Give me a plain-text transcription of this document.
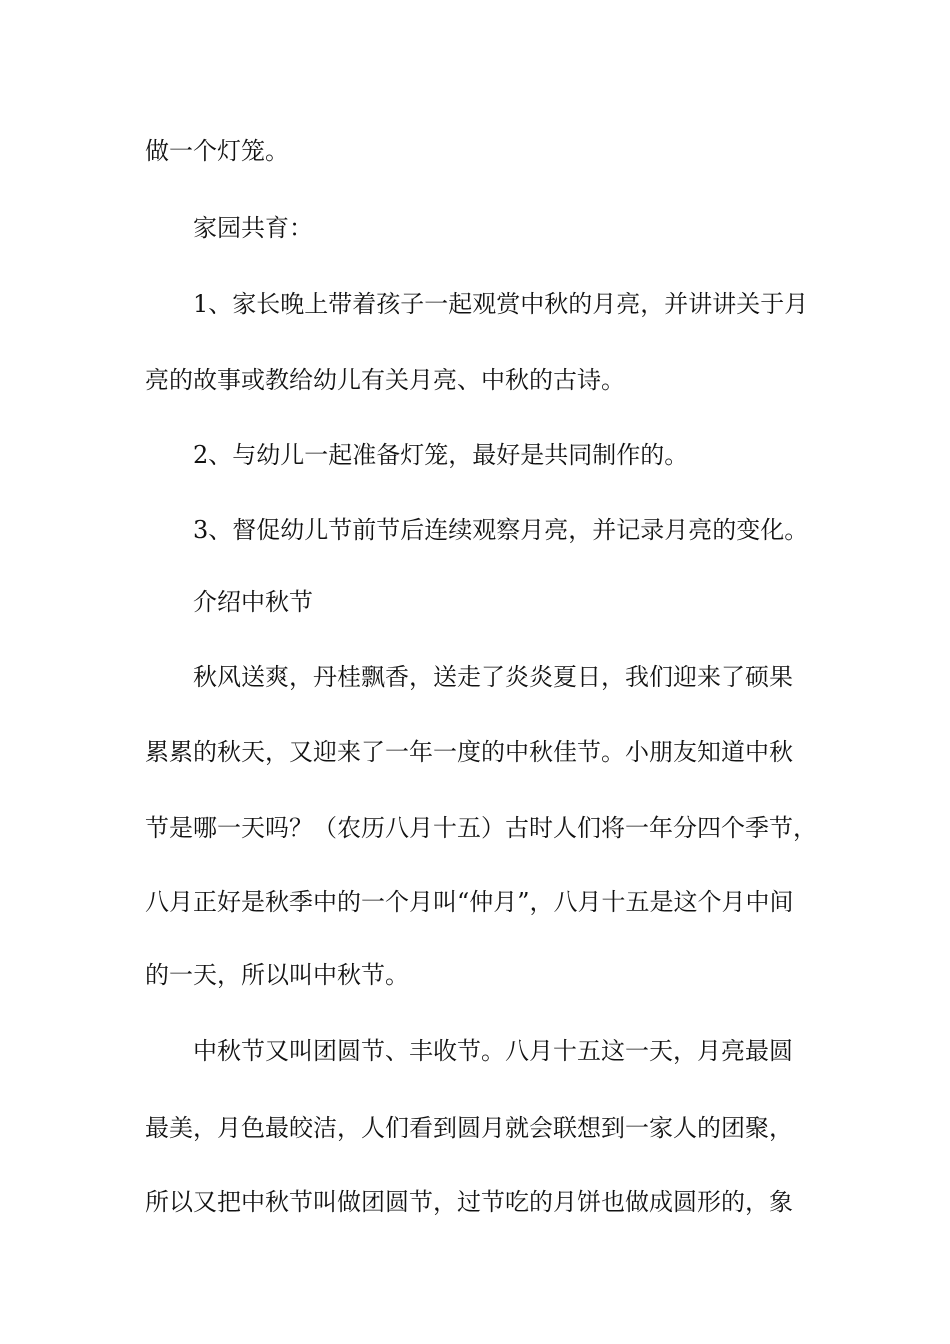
做一个灯笼。
家园共育：
1、家长晚上带着孩子一起观赏中秋的月亮，并讲讲关于月
亮的故事或教给幼儿有关月亮、中秋的古诗。
2、与幼儿一起准备灯笼，最好是共同制作的。
3、督促幼儿节前节后连续观察月亮，并记录月亮的变化。
介绍中秋节
秋风送爽，丹桂飘香，送走了炎炎夏日，我们迎来了硕果
累累的秋天，又迎来了一年一度的中秋佳节。小朋友知道中秋
节是哪一天吗？（农历八月十五）古时人们将一年分四个季节，
八月正好是秋季中的一个月叫“仲月”，八月十五是这个月中间
的一天，所以叫中秋节。
中秋节又叫团圆节、丰收节。八月十五这一天，月亮最圆
最美，月色最皎洁，人们看到圆月就会联想到一家人的团聚，
所以又把中秋节叫做团圆节，过节吃的月饼也做成圆形的，象
